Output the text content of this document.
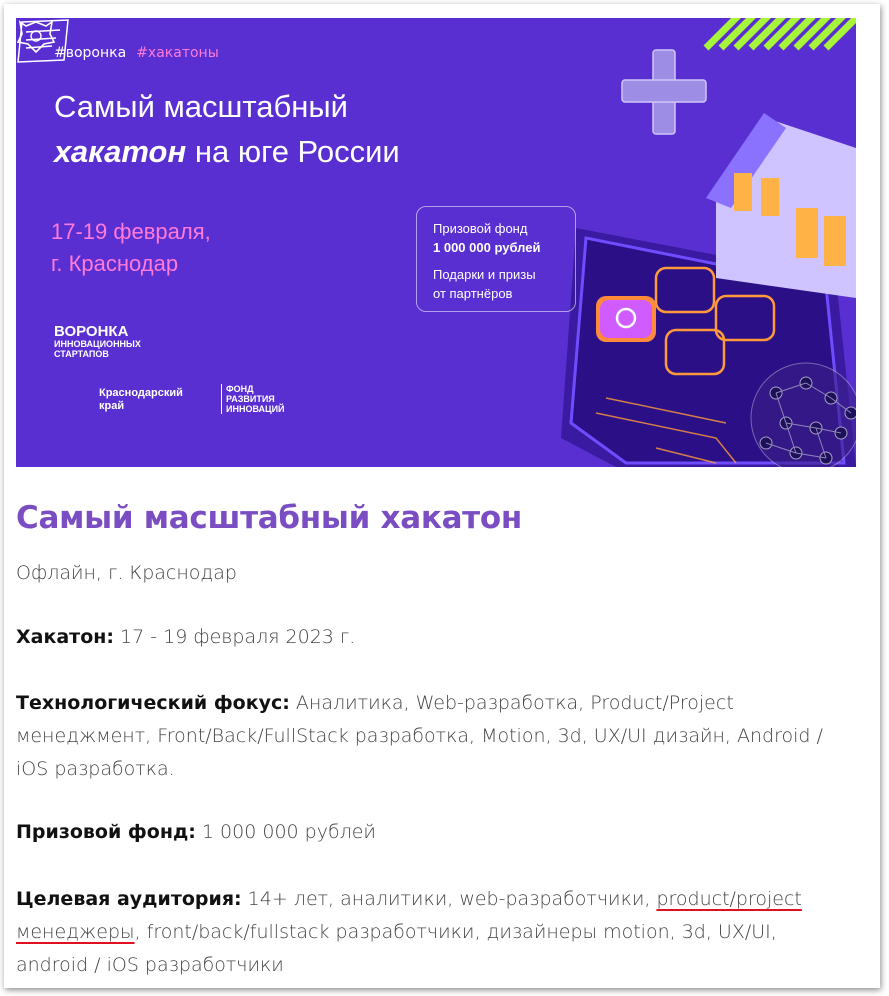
#воронка #хакатоны
Самый масштабный
хакатон на юге России
17-19 февраля,
г. Краснодар
Призовой фонд
1 000 000 рублей
Подарки и призы
от партнёров
ВОРОНКА
ИННОВАЦИОННЫХ
СТАРТАПОВ
Краснодарский
край
ФОНД
РАЗВИТИЯ
ИННОВАЦИЙ
Самый масштабный хакатон
Офлайн, г. Краснодар
Хакатон: 17 - 19 февраля 2023 г.
Технологический фокус: Аналитика, Web-разработка, Product/Project менеджмент, Front/Back/FullStack разработка, Motion, 3d, UX/UI дизайн, Android / iOS разработка.
Призовой фонд: 1 000 000 рублей
Целевая аудитория: 14+ лет, аналитики, web-разработчики, product/project менеджеры, front/back/fullstack разработчики, дизайнеры motion, 3d, UX/UI, android / iOS разработчики
